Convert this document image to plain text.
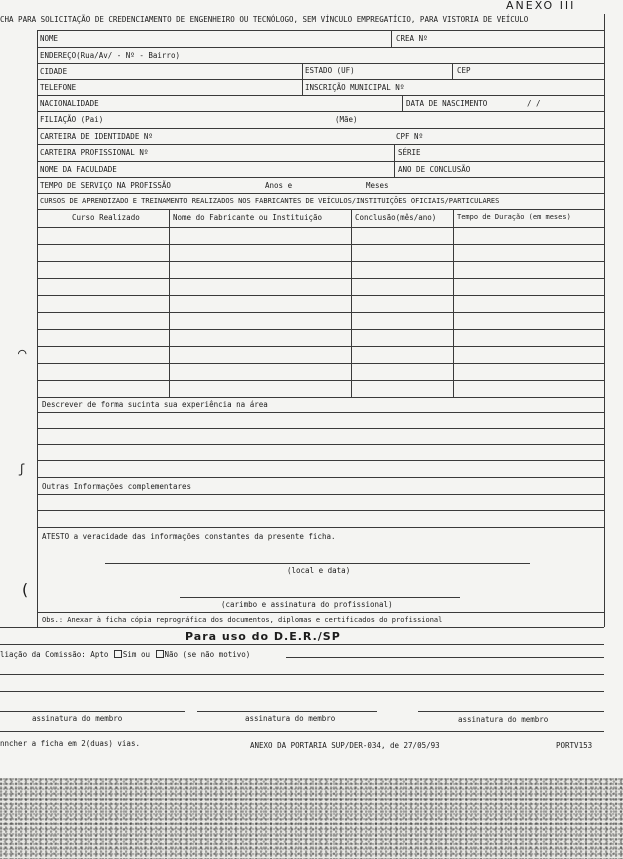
ANEXO III
CHA PARA SOLICITAÇÃO DE CREDENCIAMENTO DE ENGENHEIRO OU TECNÓLOGO, SEM VÍNCULO EMPREGATÍCIO, PARA VISTORIA DE VEÍCULO
NOME	CREA Nº
ENDEREÇO(Rua/Av/ - Nº - Bairro)
CIDADE	ESTADO (UF)	CEP
TELEFONE	INSCRIÇÃO MUNICIPAL Nº
NACIONALIDADE	DATA DE NASCIMENTO	/ /
FILIAÇÃO (Pai)	(Mãe)
CARTEIRA DE IDENTIDADE Nº	CPF Nº
CARTEIRA PROFISSIONAL Nº	SÉRIE
NOME DA FACULDADE	ANO DE CONCLUSÃO
TEMPO DE SERVIÇO NA PROFISSÃO	Anos e	Meses
CURSOS DE APRENDIZADO E TREINAMENTO REALIZADOS NOS FABRICANTES DE VEÍCULOS/INSTITUIÇÕES OFICIAIS/PARTICULARES
Curso Realizado	Nome do Fabricante ou Instituição	Conclusão(mês/ano)	Tempo de Duração (em meses)
Descrever de forma sucinta sua experiência na área
Outras Informações complementares
ATESTO a veracidade das informações constantes da presente ficha.
(local e data)
(carimbo e assinatura do profissional)
Obs.: Anexar à ficha cópia reprográfica dos documentos, diplomas e certificados do profissional
Para uso do D.E.R./SP
liação da Comissão: Apto Sim ou Não (se não motivo)
assinatura do membro	assinatura do membro	assinatura do membro
nncher a ficha em 2(duas) vias.	ANEXO DA PORTARIA SUP/DER-034, de 27/05/93	PORTV153
⌒
ʃ
(
